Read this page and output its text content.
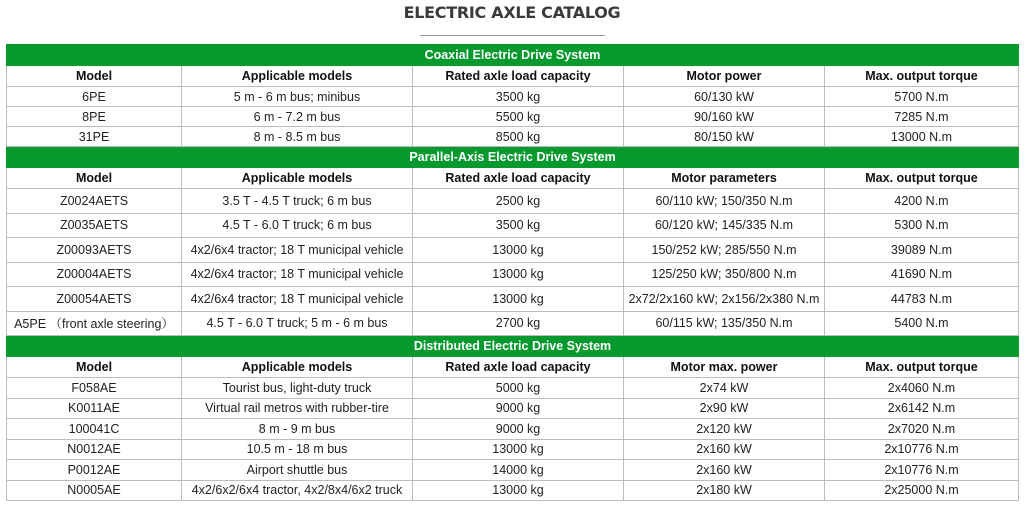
ELECTRIC AXLE CATALOG
Coaxial Electric Drive System				
Model	Applicable models	Rated axle load capacity	Motor power	Max. output torque
6PE	5 m - 6 m bus; minibus	3500 kg	60/130 kW	5700 N.m
8PE	6 m - 7.2 m bus	5500 kg	90/160 kW	7285 N.m
31PE	8 m - 8.5 m bus	8500 kg	80/150 kW	13000 N.m
Parallel-Axis Electric Drive System				
Model	Applicable models	Rated axle load capacity	Motor parameters	Max. output torque
Z0024AETS	3.5 T - 4.5 T truck; 6 m bus	2500 kg	60/110 kW; 150/350 N.m	4200 N.m
Z0035AETS	4.5 T - 6.0 T truck; 6 m bus	3500 kg	60/120 kW; 145/335 N.m	5300 N.m
Z00093AETS	4x2/6x4 tractor; 18 T municipal vehicle	13000 kg	150/252 kW; 285/550 N.m	39089 N.m
Z00004AETS	4x2/6x4 tractor; 18 T municipal vehicle	13000 kg	125/250 kW; 350/800 N.m	41690 N.m
Z00054AETS	4x2/6x4 tractor; 18 T municipal vehicle	13000 kg	2x72/2x160 kW; 2x156/2x380 N.m	44783 N.m
A5PE （front axle steering）	4.5 T - 6.0 T truck; 5 m - 6 m bus	2700 kg	60/115 kW; 135/350 N.m	5400 N.m
Distributed Electric Drive System				
Model	Applicable models	Rated axle load capacity	Motor max. power	Max. output torque
F058AE	Tourist bus, light-duty truck	5000 kg	2x74 kW	2x4060 N.m
K0011AE	Virtual rail metros with rubber-tire	9000 kg	2x90 kW	2x6142 N.m
100041C	8 m - 9 m bus	9000 kg	2x120 kW	2x7020 N.m
N0012AE	10.5 m - 18 m bus	13000 kg	2x160 kW	2x10776 N.m
P0012AE	Airport shuttle bus	14000 kg	2x160 kW	2x10776 N.m
N0005AE	4x2/6x2/6x4 tractor, 4x2/8x4/6x2 truck	13000 kg	2x180 kW	2x25000 N.m
